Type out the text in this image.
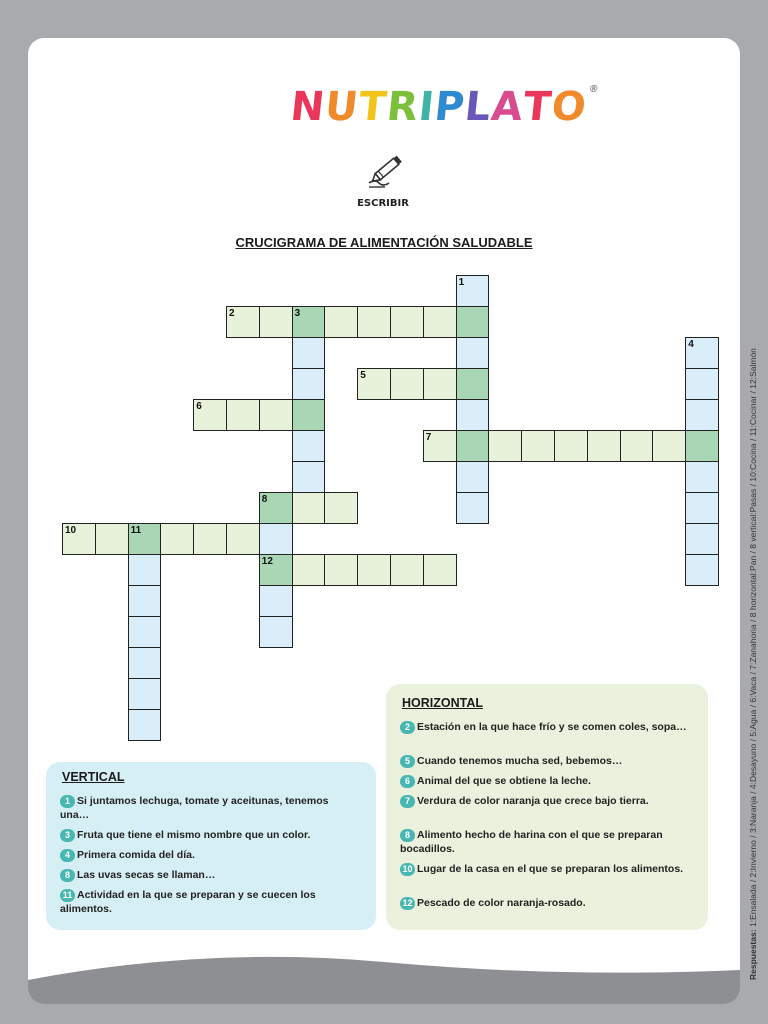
NUTRIPLATO®
ESCRIBIR
CRUCIGRAMA DE ALIMENTACIÓN SALUDABLE
2	3
5
6
7
8
10	11
12
1
4
VERTICAL
1 Si juntamos lechuga, tomate y aceitunas, tenemos una…
3 Fruta que tiene el mismo nombre que un color.
4 Primera comida del día.
8 Las uvas secas se llaman…
11 Actividad en la que se preparan y se cuecen los alimentos.
HORIZONTAL
2 Estación en la que hace frío y se comen coles, sopa…
5 Cuando tenemos mucha sed, bebemos…
6 Animal del que se obtiene la leche.
7 Verdura de color naranja que crece bajo tierra.
8 Alimento hecho de harina con el que se preparan bocadillos.
10 Lugar de la casa en el que se preparan los alimentos.
12 Pescado de color naranja-rosado.
Nestlé	Respuestas: 1:Ensalada / 2:Invierno / 3:Naranja / 4:Desayuno / 5:Agua / 6:Vaca / 7:Zanahoria / 8 horizontal:Pan / 8 vertical:Pasas / 10:Cocina / 11:Cocinar / 12:Salmón
